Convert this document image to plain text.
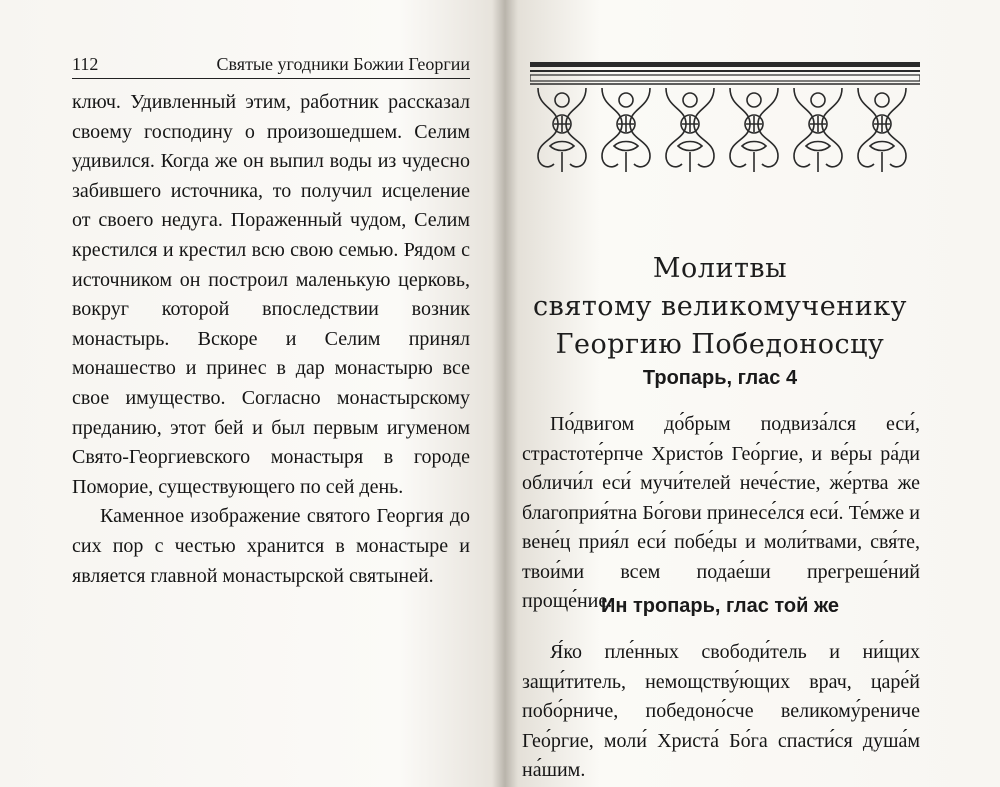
112	Святые угодники Божии Георгии

ключ. Удивленный этим, работник рассказал своему господину о произошедшем. Селим удивился. Когда же он выпил воды из чудесно забившего источника, то получил исцеление от своего недуга. Пораженный чудом, Селим крестился и крестил всю свою семью. Рядом с источником он построил маленькую церковь, вокруг которой впоследствии возник монастырь. Вскоре и Селим принял монашество и принес в дар монастырю все свое имущество. Согласно монастырскому преданию, этот бей и был первым игуменом Свято-Георгиевского монастыря в городе Поморие, существующего по сей день.

Каменное изображение святого Георгия до сих пор с честью хранится в монастыре и является главной монастырской святыней.

Молитвы
святому великомученику
Георгию Победоносцу
Тропарь, глас 4

По́двигом до́брым подвиза́лся еси́, страстоте́рпче Христо́в Гео́ргие, и ве́ры ра́ди обличи́л еси́ мучи́телей нече́стие, же́ртва же благоприя́тна Бо́гови принесе́лся еси́. Те́мже и вене́ц прия́л еси́ побе́ды и моли́твами, свя́те, твои́ми всем подае́ши прегреше́ний проще́ние.

Ин тропарь, глас той же

Я́ко пле́нных свободи́тель и ни́щих защи́титель, немощству́ющих врач, царе́й побо́рниче, победоно́сче великому́рениче Гео́ргие, моли́ Христа́ Бо́га спасти́ся душа́м на́шим.
